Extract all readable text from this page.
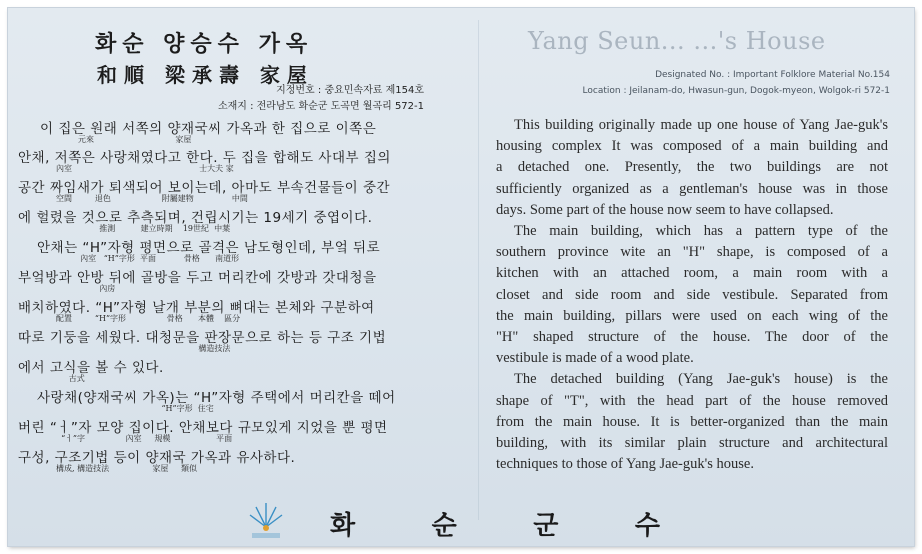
화순 양승수 가옥
和順 梁承壽 家屋
지정번호 : 중요민속자료 제154호
소재지 : 전라남도 화순군 도곡면 월곡리 572-1
이 집은 원래 서쪽의 양재국씨 가옥과 한 집으로 이쪽은
元來                                家屋
안채, 저쪽은 사랑채였다고 한다. 두 집을 합해도 사대부 집의
內室                                                  士大夫 家
공간 짜임새가 퇴색되어 보이는데, 아마도 부속건물들이 중간
空間         退色                    附屬建物               中間
에 헐렸을 것으로 추측되며, 건립시기는 19세기 중엽이다.
推測          建立時期    19世紀  中葉
안채는 “H”자형 평면으로 골격은 남도형인데, 부엌 뒤로
內室   “H”字形  平面           骨格      南道形
부엌방과 안방 뒤에 골방을 두고 머리칸에 갓방과 갓대청을
內房
배치하였다. “H”자형 날개 부분의 뼈대는 본체와 구분하여
配置         “H”字形                骨格      本體    區分
따로 기둥을 세웠다. 대청문을 판장문으로 하는 등 구조 기법
構造技法
에서 고식을 볼 수 있다.
古式
사랑채(양재국씨 가옥)는 “H”자형 주택에서 머리칸을 떼어
“H”字形  住宅
버린 “ㅓ”자 모양 집이다. 안채보다 규모있게 지었을 뿐 평면
“ㅓ”字                內室     規模                  平面
구성, 구조기법 등이 양재국 가옥과 유사하다.
構成, 構造技法                 家屋     類似
Yang Seun... ...'s House
Designated No. : Important Folklore Material No.154
Location : Jeilanam-do, Hwasun-gun, Dogok-myeon, Wolgok-ri 572-1
This building originally made up one house of Yang Jae-guk's
housing complex It was composed of a main building and
a detached one. Presently, the two buildings are not
sufficiently organized as a gentleman's house was in those
days. Some part of the house now seem to have collapsed.
The main building, which has a pattern type of the
southern province wite an "H" shape, is composed of a
kitchen with an attached room, a main room with a
closet and side room and side vestibule. Separated from
the main building, pillars were used on each wing of the
"H" shaped structure of the house. The door of the
vestibule is made of a wood plate.
The detached building (Yang Jae-guk's house) is the
shape of "T", with the head part of the house removed
from the main house. It is better-organized than the main
building, with its similar plain structure and architectural
techniques to those of Yang Jae-guk's house.
화	순	군	수
